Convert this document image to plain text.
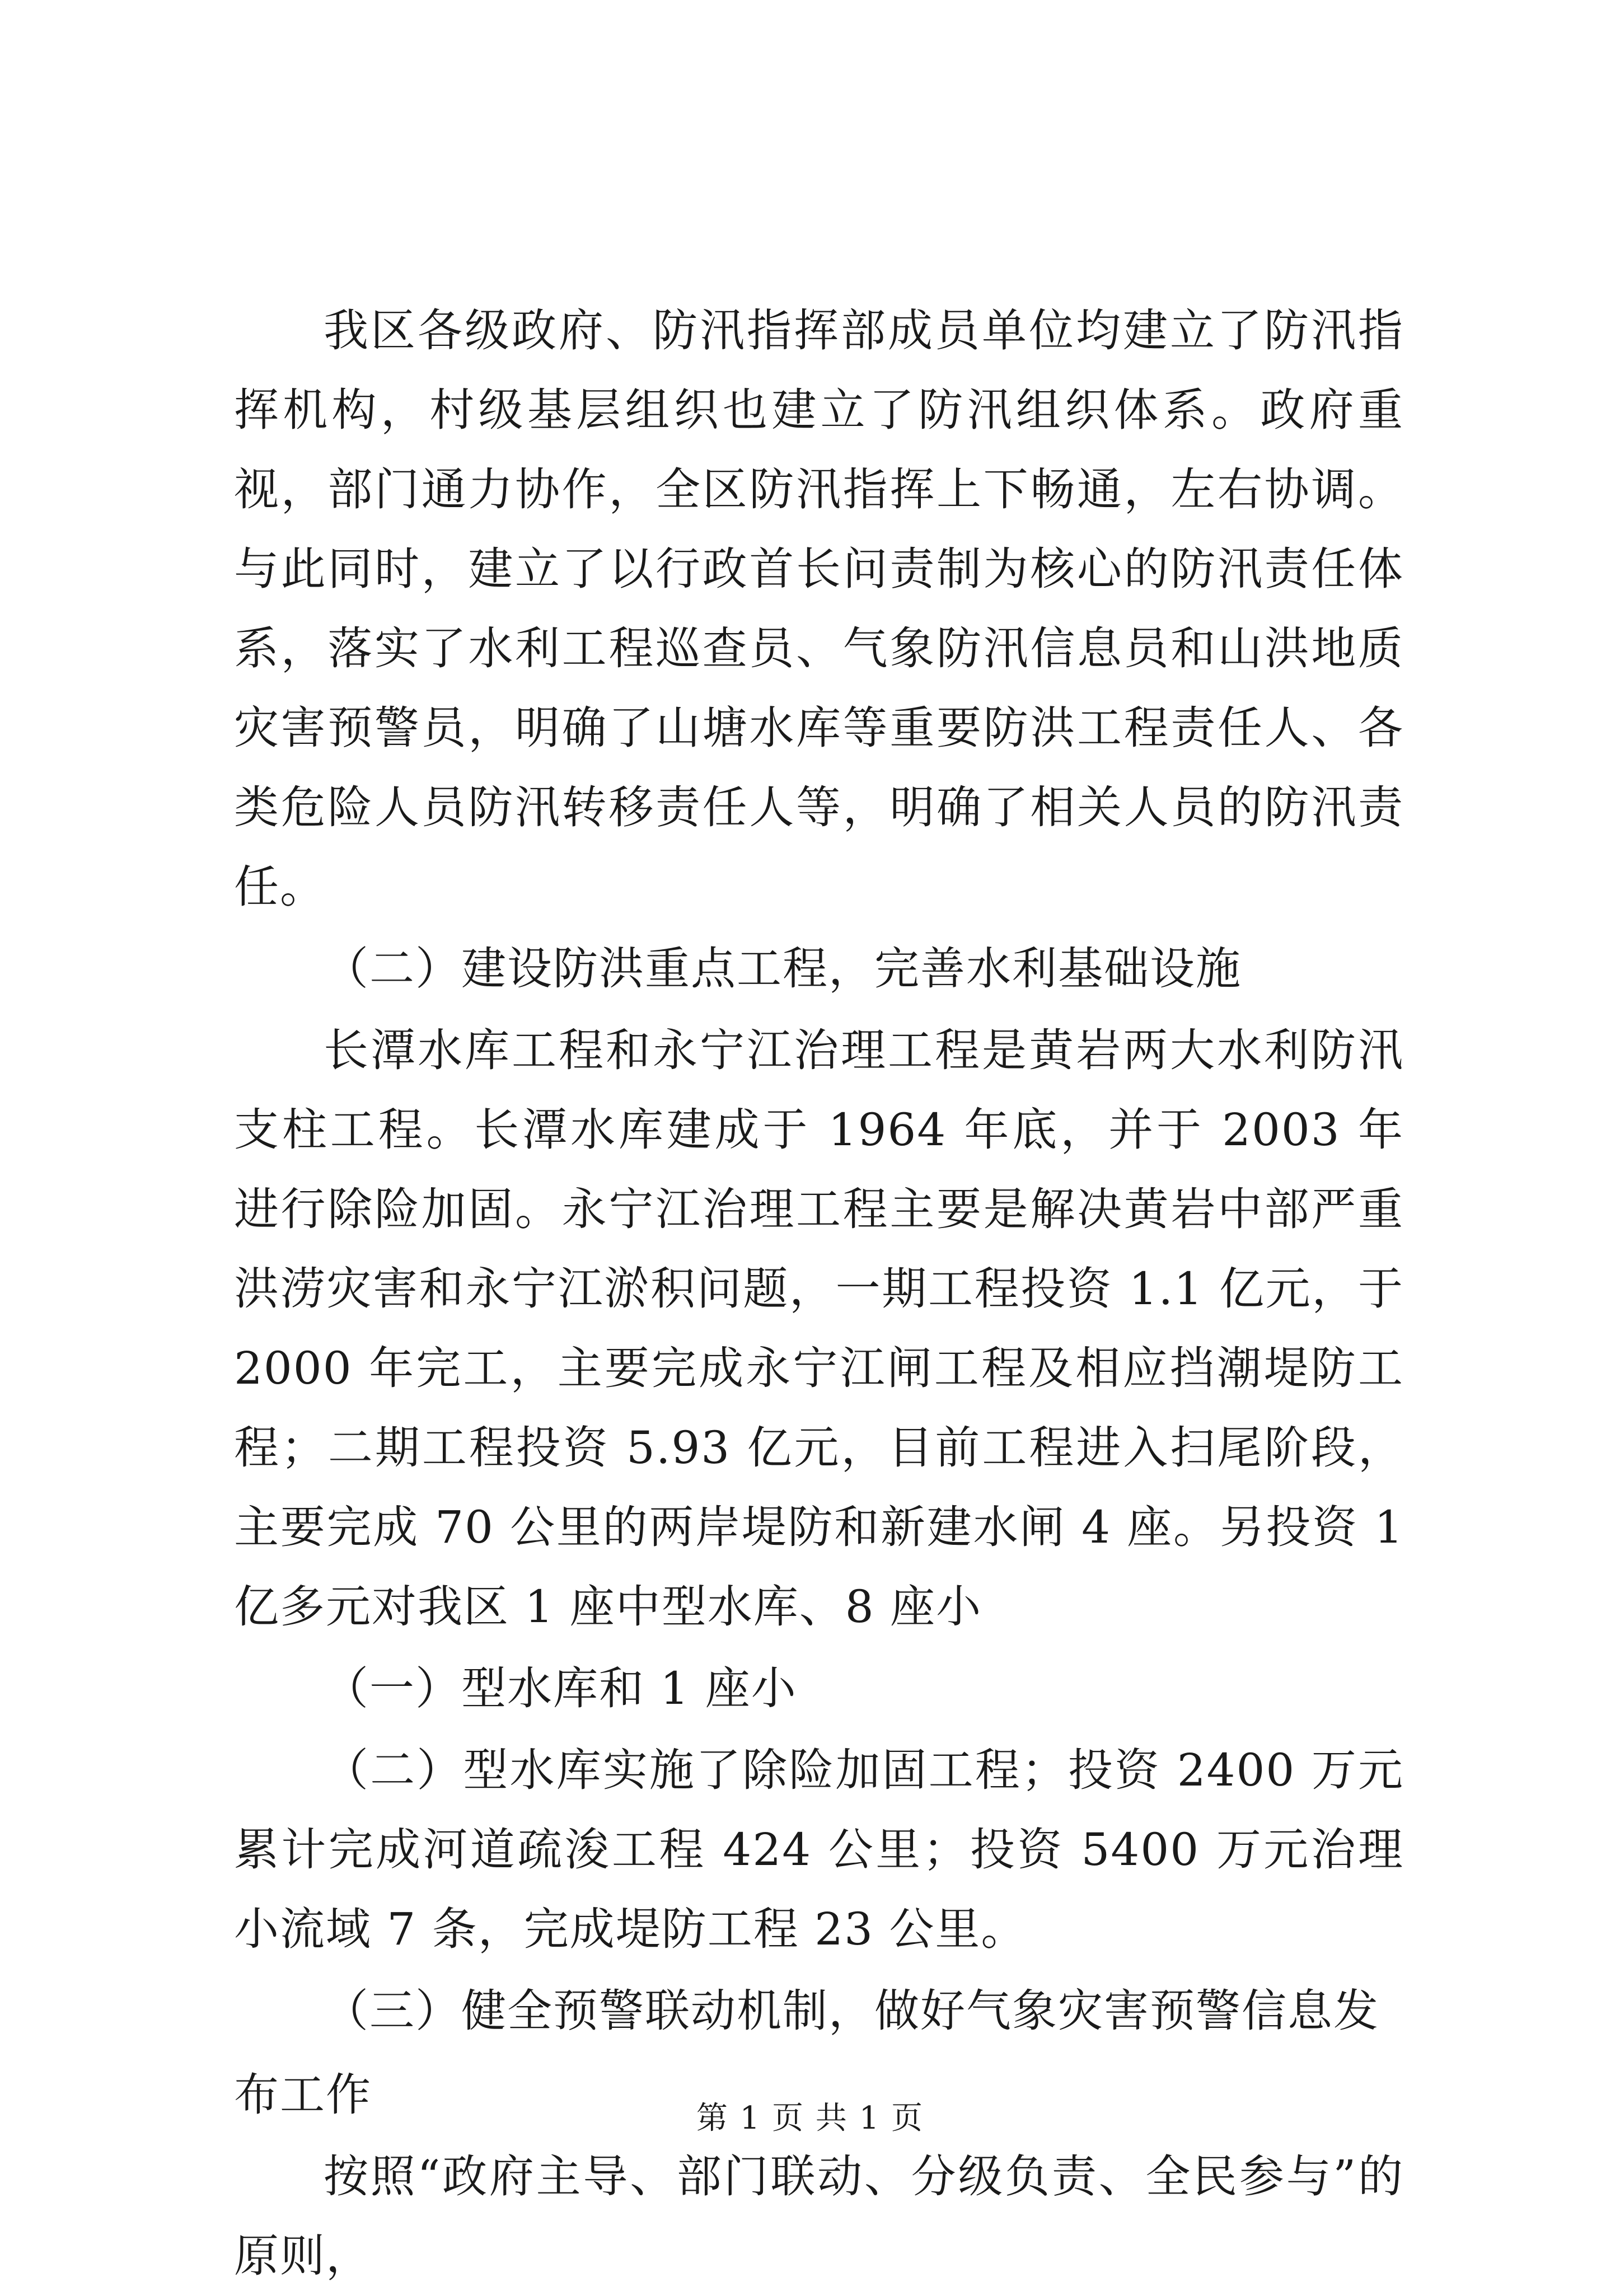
我区各级政府、防汛指挥部成员单位均建立了防汛指挥机构，村级基层组织也建立了防汛组织体系。政府重视，部门通力协作，全区防汛指挥上下畅通，左右协调。与此同时，建立了以行政首长问责制为核心的防汛责任体系，落实了水利工程巡查员、气象防汛信息员和山洪地质灾害预警员，明确了山塘水库等重要防洪工程责任人、各类危险人员防汛转移责任人等，明确了相关人员的防汛责任。

（二）建设防洪重点工程，完善水利基础设施

长潭水库工程和永宁江治理工程是黄岩两大水利防汛支柱工程。长潭水库建成于 1964 年底，并于 2003 年进行除险加固。永宁江治理工程主要是解决黄岩中部严重洪涝灾害和永宁江淤积问题，一期工程投资 1.1 亿元，于 2000 年完工，主要完成永宁江闸工程及相应挡潮堤防工程；二期工程投资 5.93 亿元，目前工程进入扫尾阶段，主要完成 70 公里的两岸堤防和新建水闸 4 座。另投资 1 亿多元对我区 1 座中型水库、8 座小

（一）型水库和 1 座小

（二）型水库实施了除险加固工程；投资 2400 万元累计完成河道疏浚工程 424 公里；投资 5400 万元治理小流域 7 条，完成堤防工程 23 公里。

（三）健全预警联动机制，做好气象灾害预警信息发布工作

按照“政府主导、部门联动、分级负责、全民参与”的原则，

第 1 页 共 1 页
